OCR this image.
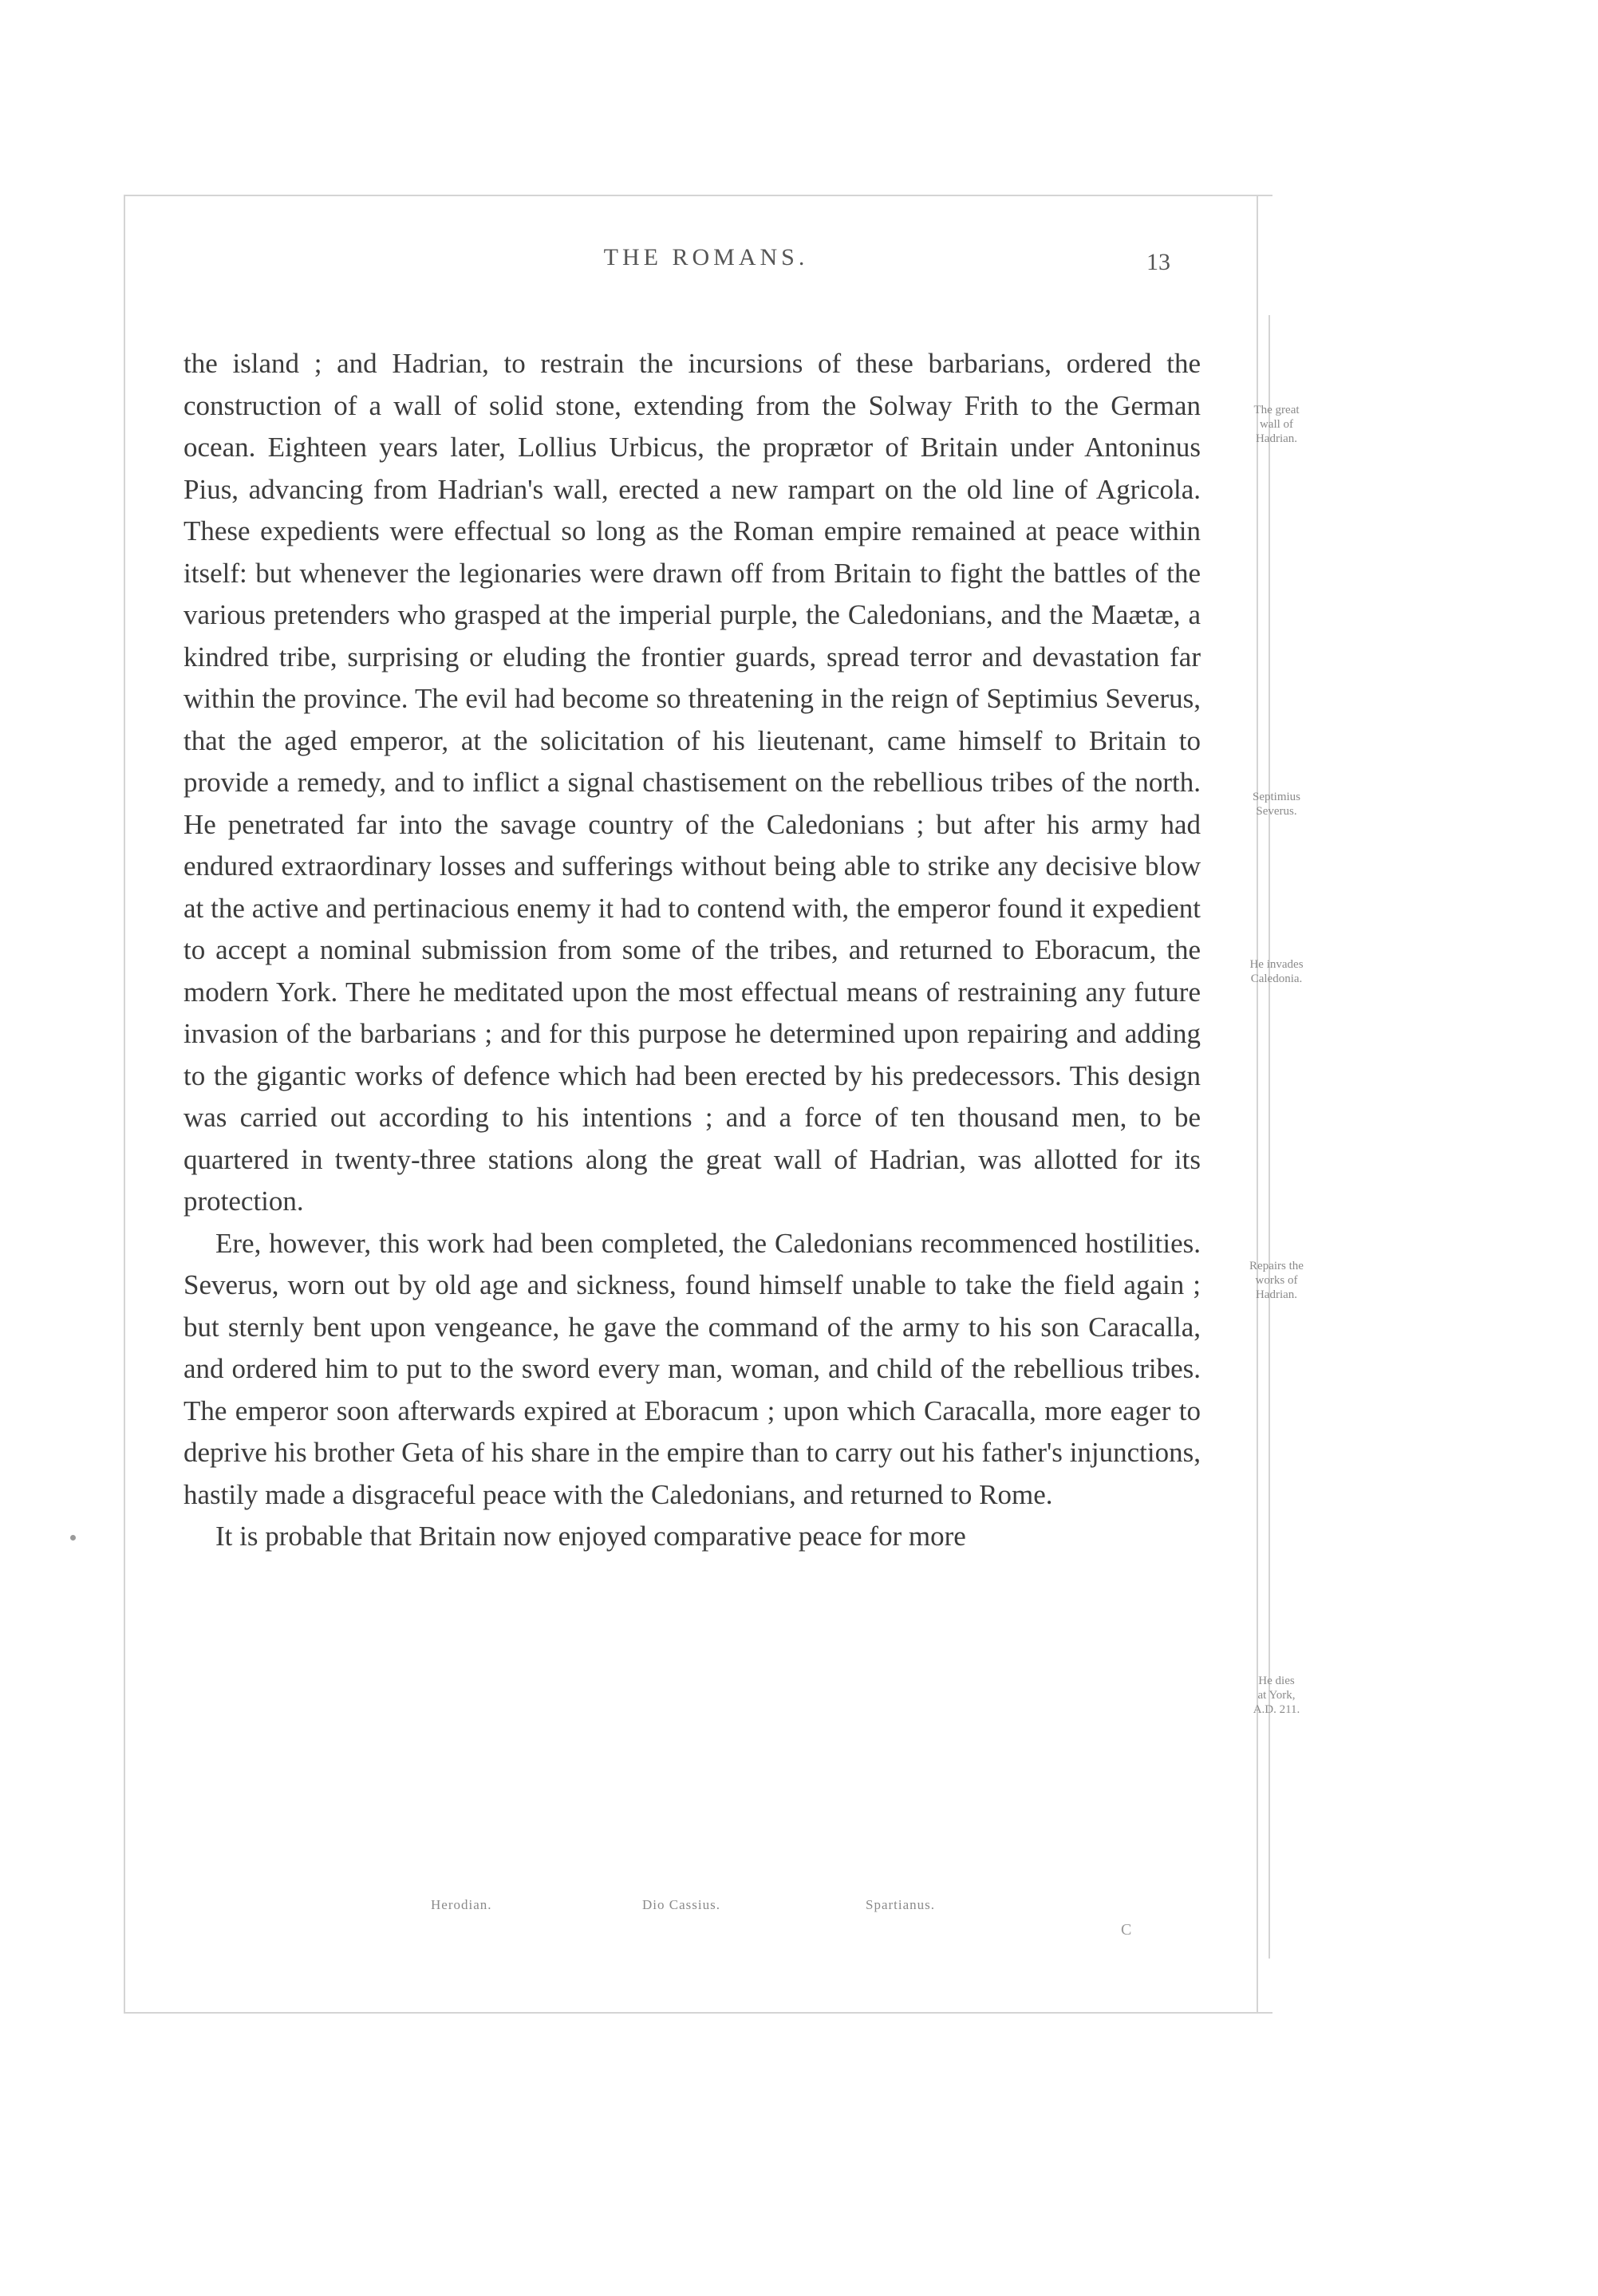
THE ROMANS.	13

the island ; and Hadrian, to restrain the incursions of these barbarians, ordered the construction of a wall of solid stone, extending from the Solway Frith to the German ocean. Eighteen years later, Lollius Urbicus, the proprætor of Britain under Antoninus Pius, advancing from Hadrian's wall, erected a new rampart on the old line of Agricola. These expedients were effectual so long as the Roman empire remained at peace within itself: but whenever the legionaries were drawn off from Britain to fight the battles of the various pretenders who grasped at the imperial purple, the Caledonians, and the Maætæ, a kindred tribe, surprising or eluding the frontier guards, spread terror and devastation far within the province. The evil had become so threatening in the reign of Septimius Severus, that the aged emperor, at the solicitation of his lieutenant, came himself to Britain to provide a remedy, and to inflict a signal chastisement on the rebellious tribes of the north. He penetrated far into the savage country of the Caledonians ; but after his army had endured extraordinary losses and sufferings without being able to strike any decisive blow at the active and pertinacious enemy it had to contend with, the emperor found it expedient to accept a nominal submission from some of the tribes, and returned to Eboracum, the modern York. There he meditated upon the most effectual means of restraining any future invasion of the barbarians ; and for this purpose he determined upon repairing and adding to the gigantic works of defence which had been erected by his predecessors. This design was carried out according to his intentions ; and a force of ten thousand men, to be quartered in twenty-three stations along the great wall of Hadrian, was allotted for its protection.

Ere, however, this work had been completed, the Caledonians recommenced hostilities. Severus, worn out by old age and sickness, found himself unable to take the field again ; but sternly bent upon vengeance, he gave the command of the army to his son Caracalla, and ordered him to put to the sword every man, woman, and child of the rebellious tribes. The emperor soon afterwards expired at Eboracum ; upon which Caracalla, more eager to deprive his brother Geta of his share in the empire than to carry out his father's injunctions, hastily made a disgraceful peace with the Caledonians, and returned to Rome.

It is probable that Britain now enjoyed comparative peace for more

The great
wall of
Hadrian.
Septimius
Severus.
He invades
Caledonia.
Repairs the
works of
Hadrian.
He dies
at York,
A.D. 211.
Herodian.	Dio Cassius.	Spartianus.
C
